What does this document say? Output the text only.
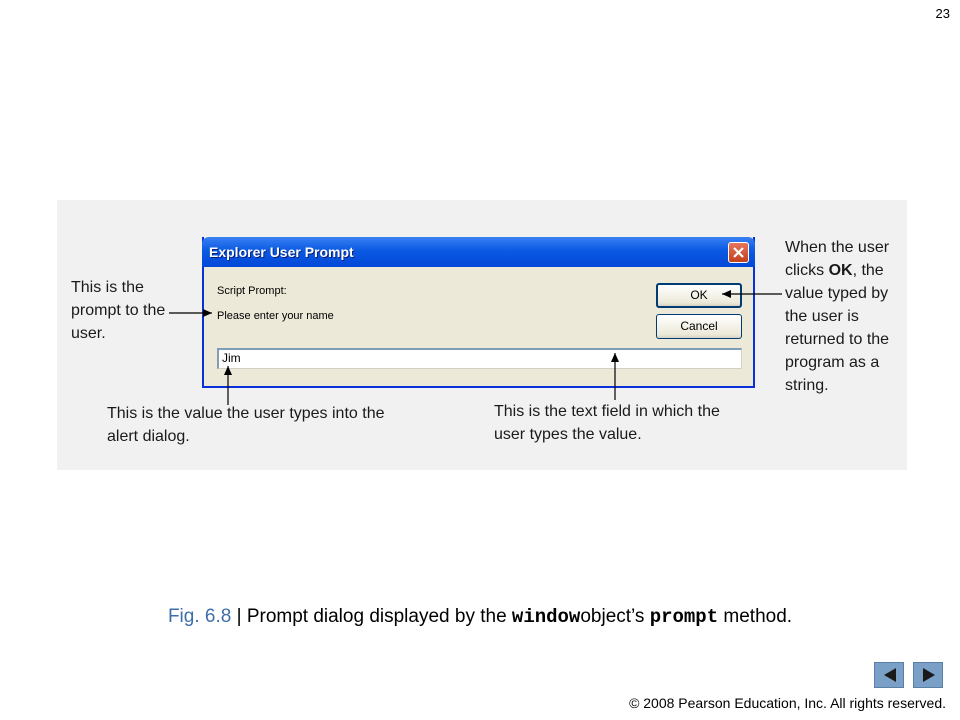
23
Explorer User Prompt
Script Prompt:
Please enter your name
OK
Cancel
Jim
This is the prompt to the user.
When the user clicks OK, the value typed by the user is returned to the program as a string.
This is the value the user types into the alert dialog.
This is the text field in which the user types the value.
Fig. 6.8 | Prompt dialog displayed by the windowobject’s prompt method.
© 2008 Pearson Education, Inc. All rights reserved.
